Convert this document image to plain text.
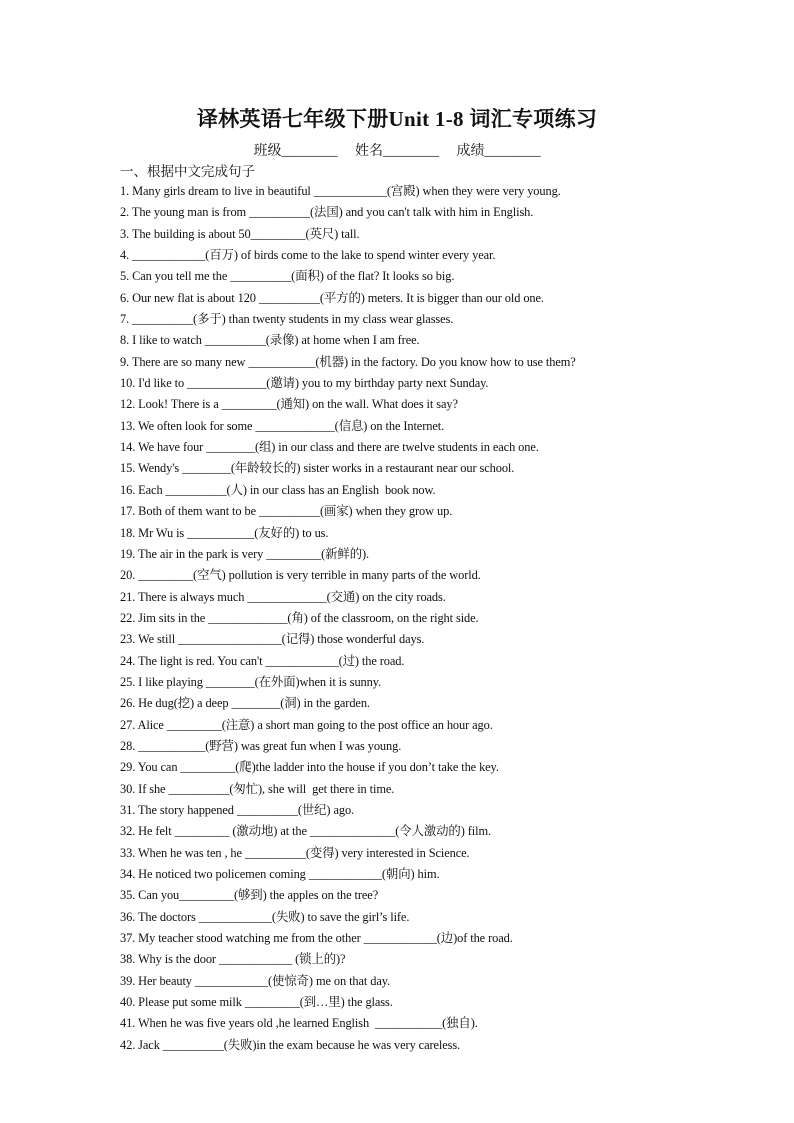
译林英语七年级下册Unit 1-8 词汇专项练习
班级________ 姓名________ 成绩________
一、根据中文完成句子
1. Many girls dream to live in beautiful ____________(宫殿) when they were very young.
2. The young man is from __________(法国) and you can't talk with him in English.
3. The building is about 50_________(英尺) tall.
4. ____________(百万) of birds come to the lake to spend winter every year.
5. Can you tell me the __________(面积) of the flat? It looks so big.
6. Our new flat is about 120 __________(平方的) meters. It is bigger than our old one.
7. __________(多于) than twenty students in my class wear glasses.
8. I like to watch __________(录像) at home when I am free.
9. There are so many new ___________(机器) in the factory. Do you know how to use them?
10. I'd like to _____________(邀请) you to my birthday party next Sunday.
12. Look! There is a _________(通知) on the wall. What does it say?
13. We often look for some _____________(信息) on the Internet.
14. We have four ________(组) in our class and there are twelve students in each one.
15. Wendy's ________(年龄较长的) sister works in a restaurant near our school.
16. Each __________(人) in our class has an English  book now.
17. Both of them want to be __________(画家) when they grow up.
18. Mr Wu is ___________(友好的) to us.
19. The air in the park is very _________(新鲜的).
20. _________(空气) pollution is very terrible in many parts of the world.
21. There is always much _____________(交通) on the city roads.
22. Jim sits in the _____________(角) of the classroom, on the right side.
23. We still _________________(记得) those wonderful days.
24. The light is red. You can't ____________(过) the road.
25. I like playing ________(在外面)when it is sunny.
26. He dug(挖) a deep ________(洞) in the garden.
27. Alice _________(注意) a short man going to the post office an hour ago.
28. ___________(野营) was great fun when I was young.
29. You can _________(爬)the ladder into the house if you don’t take the key.
30. If she __________(匆忙), she will  get there in time.
31. The story happened __________(世纪) ago.
32. He felt _________ (激动地) at the ______________(令人激动的) film.
33. When he was ten , he __________(变得) very interested in Science.
34. He noticed two policemen coming ____________(朝向) him.
35. Can you_________(够到) the apples on the tree?
36. The doctors ____________(失败) to save the girl’s life.
37. My teacher stood watching me from the other ____________(边)of the road.
38. Why is the door ____________ (锁上的)?
39. Her beauty ____________(使惊奇) me on that day.
40. Please put some milk _________(到…里) the glass.
41. When he was five years old ,he learned English  ___________(独自).
42. Jack __________(失败)in the exam because he was very careless.
